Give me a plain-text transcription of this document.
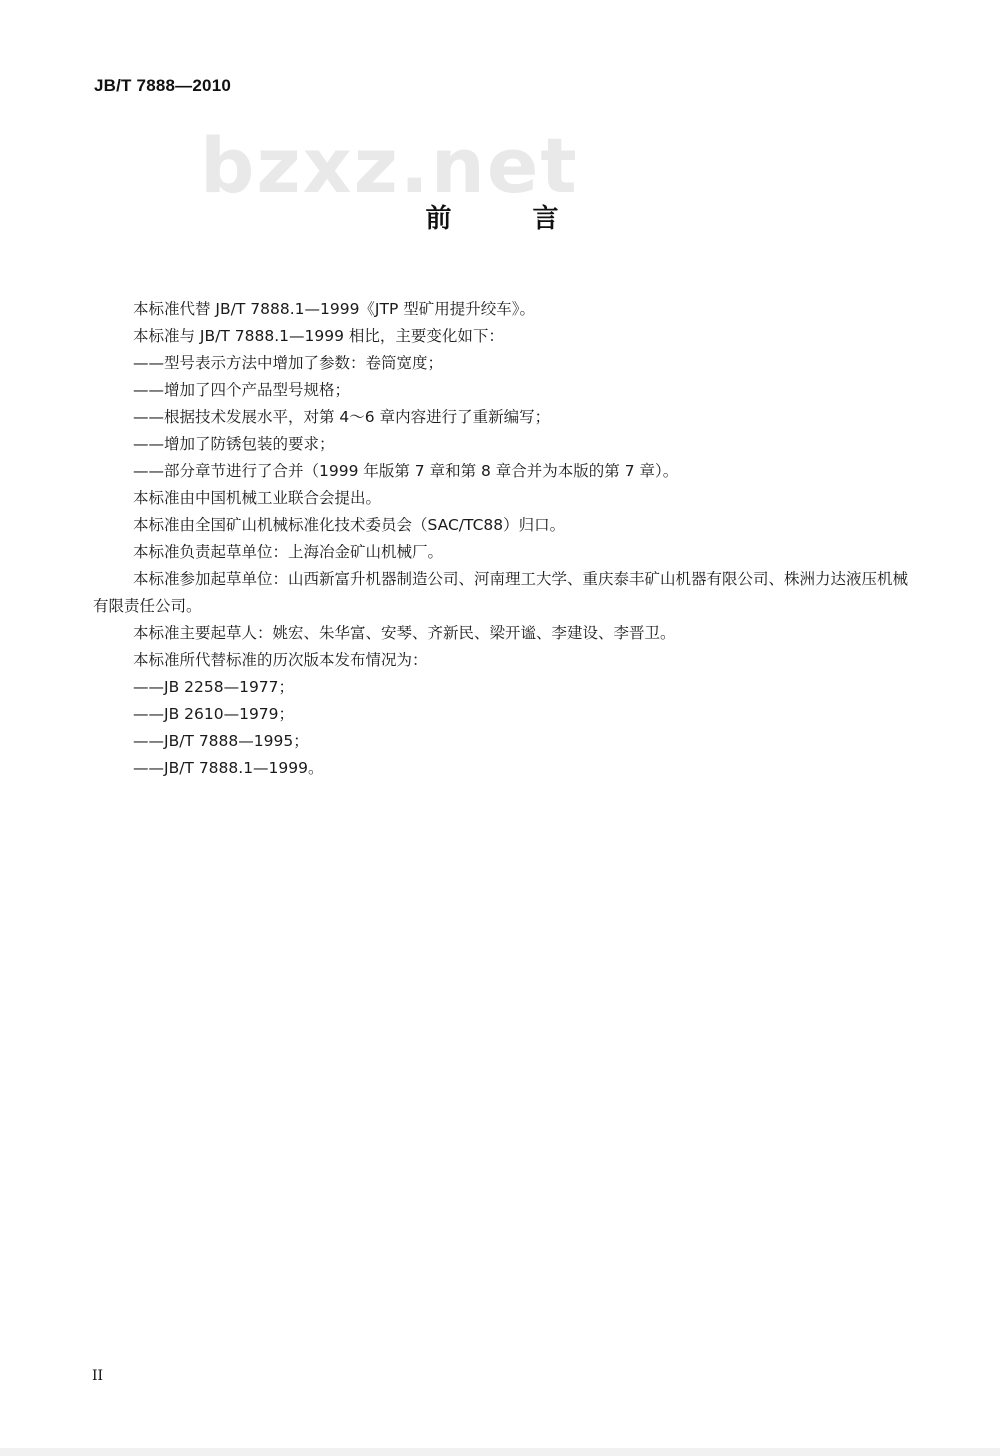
JB/T 7888—2010
bzxz.net
前 言
本标准代替 JB/T 7888.1—1999《JTP 型矿用提升绞车》。
本标准与 JB/T 7888.1—1999 相比，主要变化如下：
——型号表示方法中增加了参数：卷筒宽度；
——增加了四个产品型号规格；
——根据技术发展水平，对第 4～6 章内容进行了重新编写；
——增加了防锈包装的要求；
——部分章节进行了合并（1999 年版第 7 章和第 8 章合并为本版的第 7 章）。
本标准由中国机械工业联合会提出。
本标准由全国矿山机械标准化技术委员会（SAC/TC88）归口。
本标准负责起草单位：上海冶金矿山机械厂。
本标准参加起草单位：山西新富升机器制造公司、河南理工大学、重庆泰丰矿山机器有限公司、株洲力达液压机械有限责任公司。
本标准主要起草人：姚宏、朱华富、安琴、齐新民、梁开谧、李建设、李晋卫。
本标准所代替标准的历次版本发布情况为：
——JB 2258—1977；
——JB 2610—1979；
——JB/T 7888—1995；
——JB/T 7888.1—1999。
II
